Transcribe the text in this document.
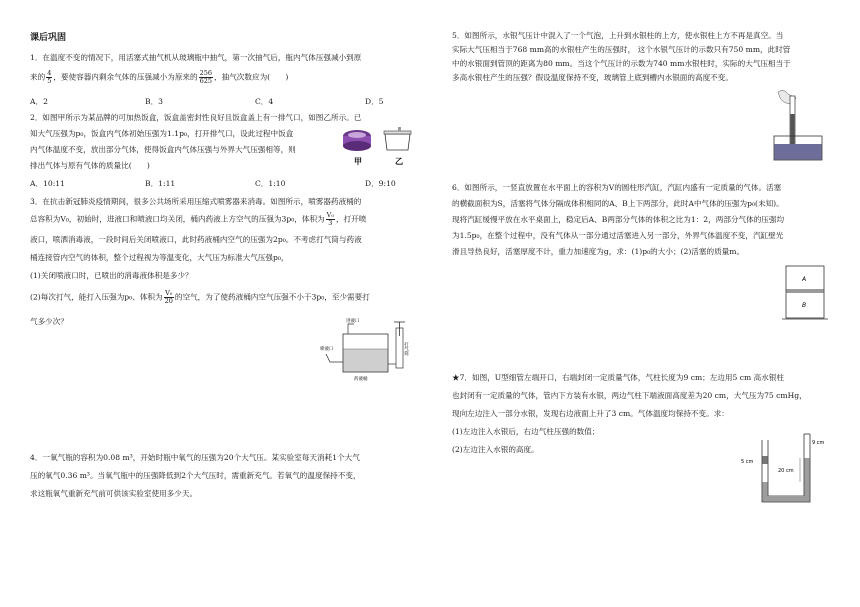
课后巩固
1．在温度不变的情况下，用活塞式抽气机从玻璃瓶中抽气，第一次抽气后，瓶内气体压强减小到原
来的 $\frac{4}{5}$ ，要使容器内剩余气体的压强减小为原来的 $\frac{256}{625}$ ，抽气次数应为(　　)
A．2	B．3	C．4	D．5
2．如图甲所示为某品牌的可加热饭盒，饭盒盖密封性良好且饭盒盖上有一排气口，如图乙所示。已
知大气压强为p₀，饭盒内气体初始压强为1.1p₀，打开排气口，设此过程中饭盒
内气体温度不变，放出部分气体，使得饭盒内气体压强与外界大气压强相等，则
排出气体与原有气体的质量比(　　)	甲	乙
A．10:11	B．1:11	C．1:10	D．9:10
3．在抗击新冠肺炎疫情期间，很多公共场所采用压缩式喷雾器来消毒。如图所示，喷雾器药液桶的
总容积为V₀，初始时，进液口和喷液口均关闭，桶内药液上方空气的压强为3p₀，体积为 $\frac{\text{V₀}}{3}$ ，打开喷
液口，喷洒消毒液，一段时间后关闭喷液口，此时药液桶内空气的压强为2p₀。不考虑打气筒与药液
桶连接管内空气的体积，整个过程视为等温变化，大气压为标准大气压强p₀，
(1)关闭喷液口时，已喷出的消毒液体积是多少？
(2)每次打气，能打入压强为p₀、体积为 $\frac{\text{V₀}}{20}$ 的空气，为了使药液桶内空气压强不小于3p₀，至少需要打
气多少次？	进液口
喷液口	打气筒
药液桶
4．一氧气瓶的容积为0.08 m³，开始时瓶中氧气的压强为20个大气压。某实验室每天消耗1个大气
压的氧气0.36 m³。当氧气瓶中的压强降低到2个大气压时，需重新充气。若氧气的温度保持不变，
求这瓶氧气重新充气前可供该实验室使用多少天。
5．如图所示，水银气压计中混入了一个气泡，上升到水银柱的上方，使水银柱上方不再是真空。当
实际大气压相当于768 mm高的水银柱产生的压强时， 这个水银气压计的示数只有750 mm，此时管
中的水银面到管顶的距离为80 mm。当这个气压计的示数为740 mm水银柱时，实际的大气压相当于
多高水银柱产生的压强？假设温度保持不变，玻璃管上底到槽内水银面的高度不变。
6．如图所示，一竖直放置在水平面上的容积为V的圆柱形汽缸，汽缸内盛有一定质量的气体。活塞
的横截面积为S，活塞将气体分隔成体积相同的A、B上下两部分，此时A中气体的压强为p₀(未知)。
现将汽缸缓慢平放在水平桌面上，稳定后A、B两部分气体的体积之比为1：2，两部分气体的压强均
为1.5p₀，在整个过程中，没有气体从一部分通过活塞进入另一部分，外界气体温度不变，汽缸壁光
滑且导热良好，活塞厚度不计，重力加速度为g，求：(1)p₀的大小；(2)活塞的质量m。
A
B
★7．如图，U型细管左端开口，右端封闭一定质量气体，气柱长度为9 cm；左边用5 cm 高水银柱
也封闭有一定质量的气体，管内下方装有水银，两边气柱下端液面高度差为20 cm，大气压为75 cmHg，
现向左边注入一部分水银，发现右边液面上升了3 cm。气体温度均保持不变。求：
(1)左边注入水银后，右边气柱压强的数值；
(2)左边注入水银的高度。
5 cm
9 cm
20 cm
